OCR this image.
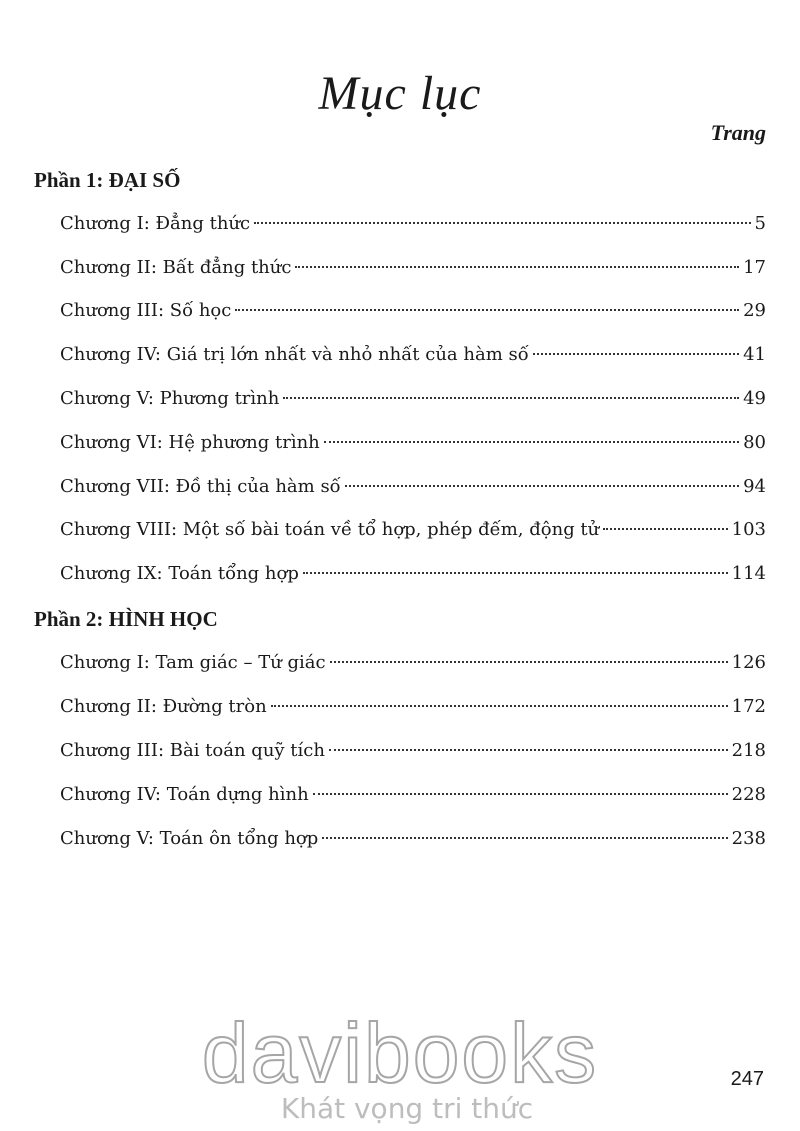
Mục lục
Trang
Phần 1: ĐẠI SỐ
Chương I: Đẳng thức	5
Chương II: Bất đẳng thức	17
Chương III: Số học	29
Chương IV: Giá trị lớn nhất và nhỏ nhất của hàm số	41
Chương V: Phương trình	49
Chương VI: Hệ phương trình	80
Chương VII: Đồ thị của hàm số	94
Chương VIII: Một số bài toán về tổ hợp, phép đếm, động tử	103
Chương IX: Toán tổng hợp	114
Phần 2: HÌNH HỌC
Chương I: Tam giác – Tứ giác	126
Chương II: Đường tròn	172
Chương III: Bài toán quỹ tích	218
Chương IV: Toán dựng hình	228
Chương V: Toán ôn tổng hợp	238
davibooks
Khát vọng tri thức
247
